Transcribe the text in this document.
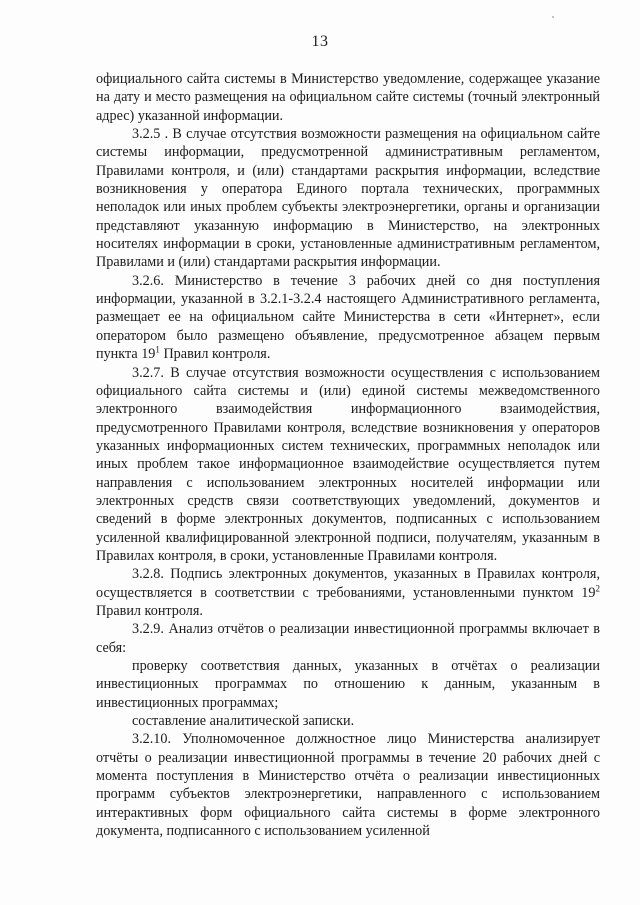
13

официального сайта системы в Министерство уведомление, содержащее указание на дату и место размещения на официальном сайте системы (точный электронный адрес) указанной информации.

3.2.5 . В случае отсутствия возможности размещения на официальном сайте системы информации, предусмотренной административным регламентом, Правилами контроля, и (или) стандартами раскрытия информации, вследствие возникновения у оператора Единого портала технических, программных неполадок или иных проблем субъекты электроэнергетики, органы и организации представляют указанную информацию в Министерство, на электронных носителях информации в сроки, установленные административным регламентом, Правилами и (или) стандартами раскрытия информации.

3.2.6. Министерство в течение 3 рабочих дней со дня поступления информации, указанной в 3.2.1-3.2.4 настоящего Административного регламента, размещает ее на официальном сайте Министерства в сети «Интернет», если оператором было размещено объявление, предусмотренное абзацем первым пункта $19^1$ Правил контроля.

3.2.7. В случае отсутствия возможности осуществления с использованием официального сайта системы и (или) единой системы межведомственного электронного взаимодействия информационного взаимодействия, предусмотренного Правилами контроля, вследствие возникновения у операторов указанных информационных систем технических, программных неполадок или иных проблем такое информационное взаимодействие осуществляется путем направления с использованием электронных носителей информации или электронных средств связи соответствующих уведомлений, документов и сведений в форме электронных документов, подписанных с использованием усиленной квалифицированной электронной подписи, получателям, указанным в Правилах контроля, в сроки, установленные Правилами контроля.

3.2.8. Подпись электронных документов, указанных в Правилах контроля, осуществляется в соответствии с требованиями, установленными пунктом $19^2$ Правил контроля.

3.2.9. Анализ отчётов о реализации инвестиционной программы включает в себя:

проверку соответствия данных, указанных в отчётах о реализации инвестиционных программах по отношению к данным, указанным в инвестиционных программах;

составление аналитической записки.

3.2.10. Уполномоченное должностное лицо Министерства анализирует отчёты о реализации инвестиционной программы в течение 20 рабочих дней с момента поступления в Министерство отчёта о реализации инвестиционных программ субъектов электроэнергетики, направленного с использованием интерактивных форм официального сайта системы в форме электронного документа, подписанного с использованием усиленной
